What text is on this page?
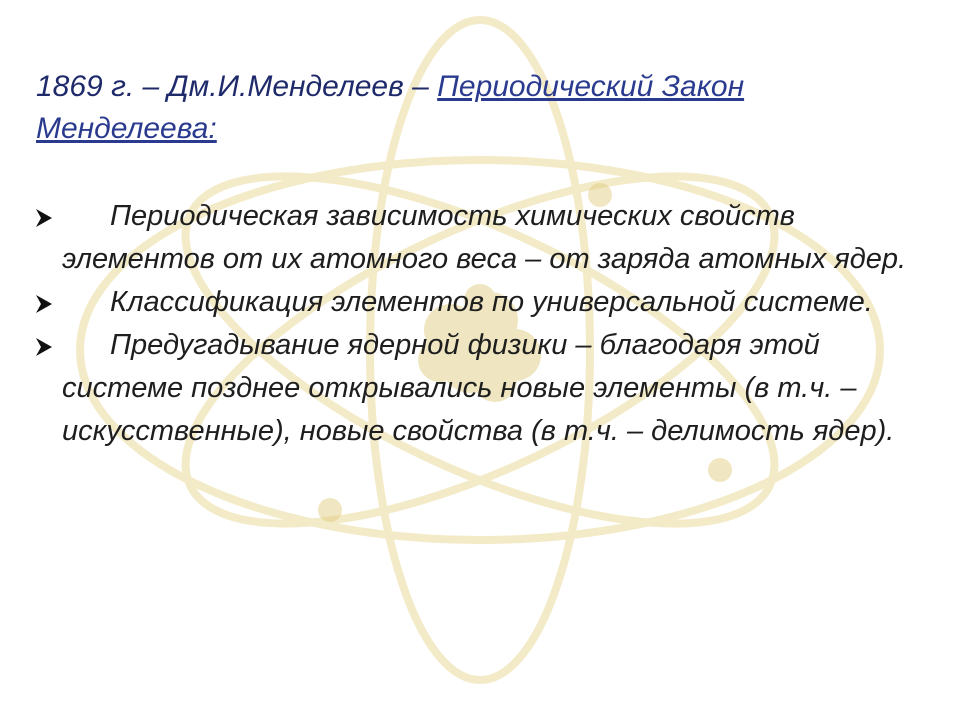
1869 г. – Дм.И.Менделеев – Периодический Закон Менделеева:
Периодическая зависимость химических свойств элементов от их атомного веса – от заряда атомных ядер.
Классификация элементов по универсальной системе.
Предугадывание ядерной физики – благодаря этой системе позднее открывались новые элементы (в т.ч. – искусственные), новые свойства (в т.ч. – делимость ядер).
